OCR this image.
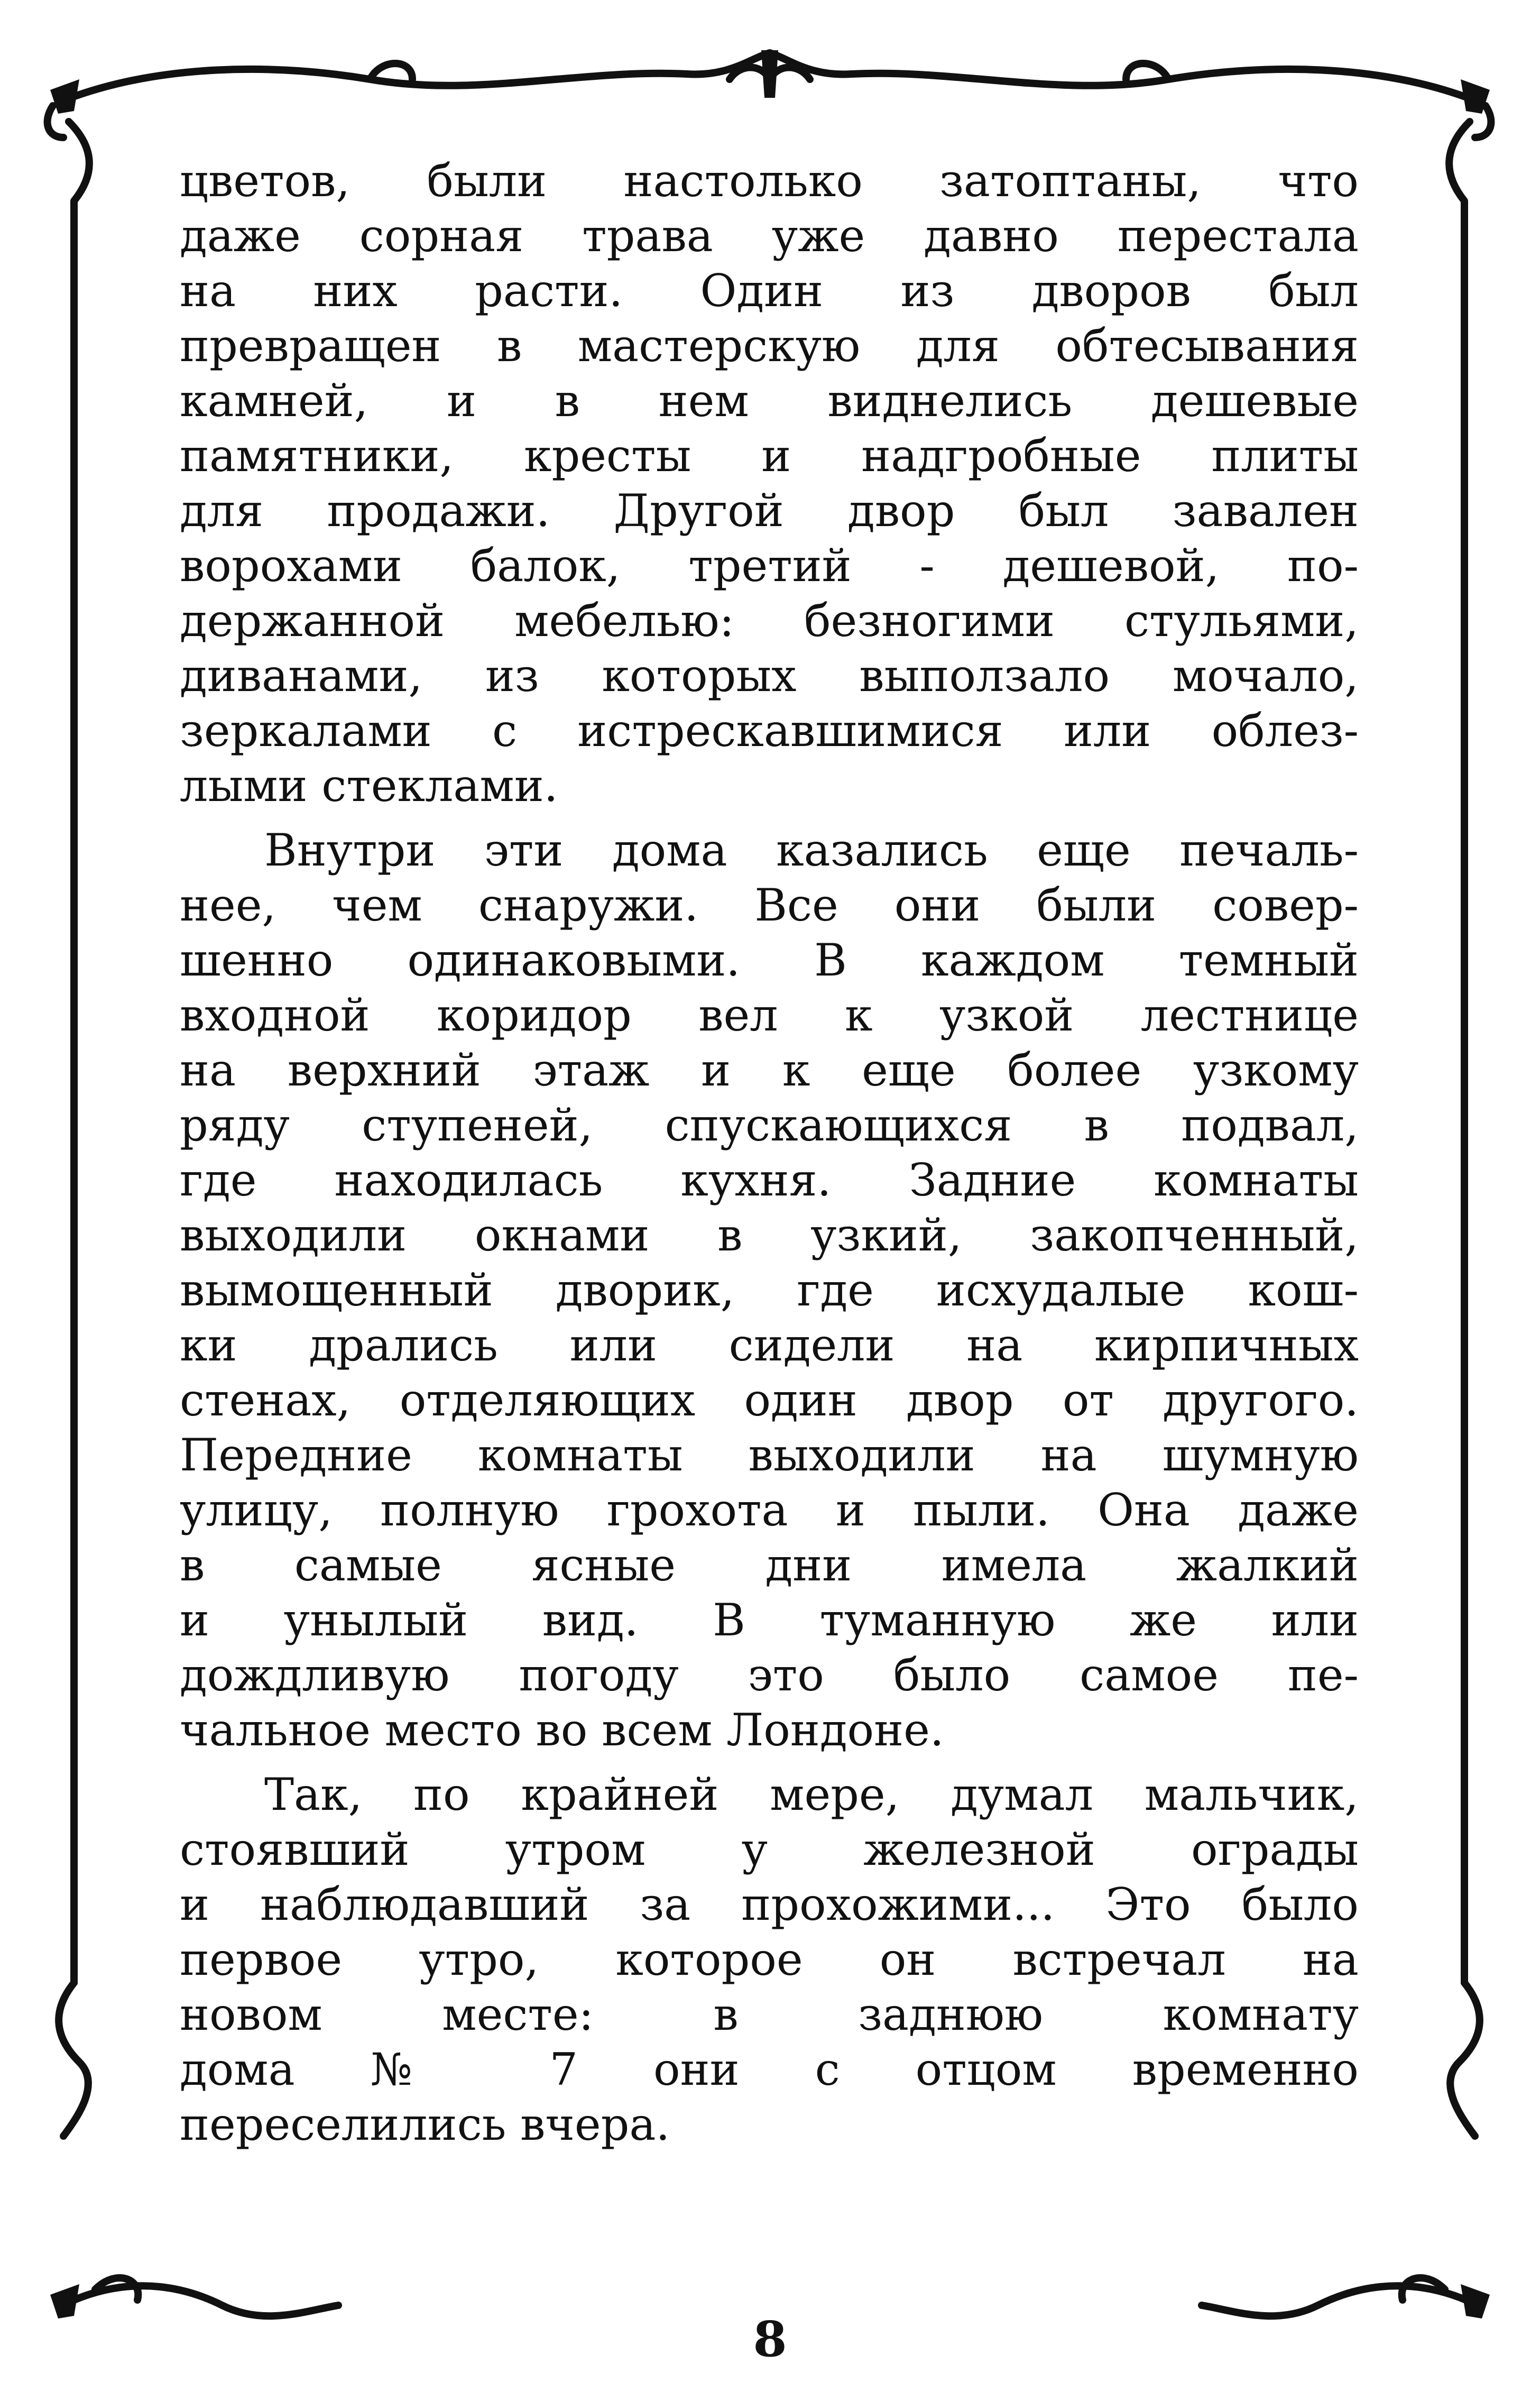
цветов, были настолько затоптаны, что
даже сорная трава уже давно перестала
на них расти. Один из дворов был
превращен в мастерскую для обтесывания
камней, и в нем виднелись дешевые
памятники, кресты и надгробные плиты
для продажи. Другой двор был завален
ворохами балок, третий - дешевой, по-
держанной мебелью: безногими стульями,
диванами, из которых выползало мочало,
зеркалами с истрескавшимися или облез-
лыми стеклами.
Внутри эти дома казались еще печаль-
нее, чем снаружи. Все они были совер-
шенно одинаковыми. В каждом темный
входной коридор вел к узкой лестнице
на верхний этаж и к еще более узкому
ряду ступеней, спускающихся в подвал,
где находилась кухня. Задние комнаты
выходили окнами в узкий, закопченный,
вымощенный дворик, где исхудалые кош-
ки дрались или сидели на кирпичных
стенах, отделяющих один двор от другого.
Передние комнаты выходили на шумную
улицу, полную грохота и пыли. Она даже
в самые ясные дни имела жалкий
и унылый вид. В туманную же или
дождливую погоду это было самое пе-
чальное место во всем Лондоне.
Так, по крайней мере, думал мальчик,
стоявший утром у железной ограды
и наблюдавший за прохожими... Это было
первое утро, которое он встречал на
новом месте: в заднюю комнату
дома № 7 они с отцом временно
переселились вчера.
8
